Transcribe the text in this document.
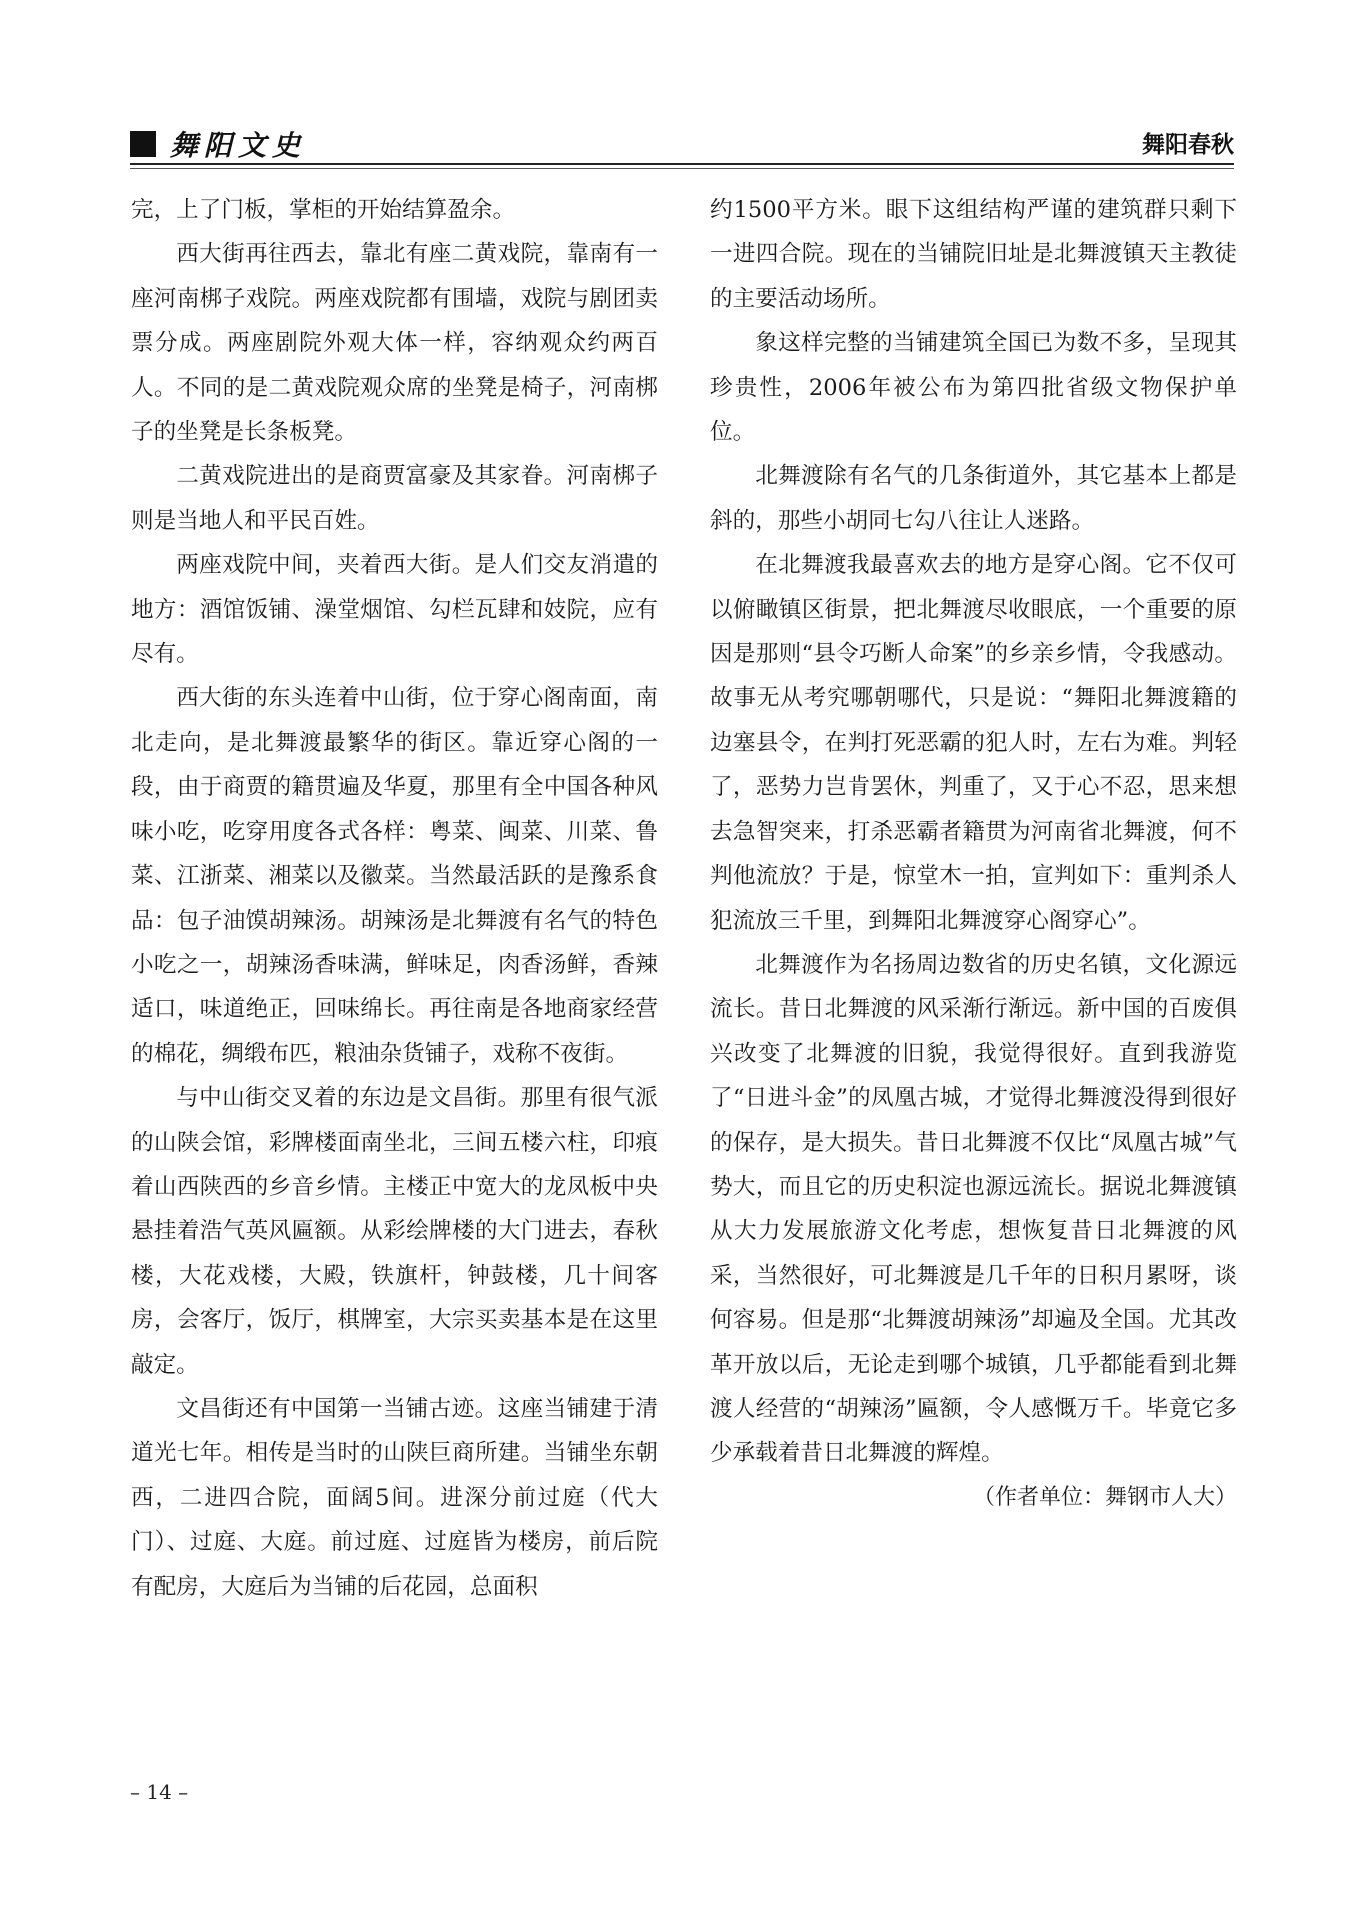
舞阳文史	舞阳春秋

完，上了门板，掌柜的开始结算盈余。

西大街再往西去，靠北有座二黄戏院，靠南有一座河南梆子戏院。两座戏院都有围墙，戏院与剧团卖票分成。两座剧院外观大体一样，容纳观众约两百人。不同的是二黄戏院观众席的坐凳是椅子，河南梆子的坐凳是长条板凳。

二黄戏院进出的是商贾富豪及其家眷。河南梆子则是当地人和平民百姓。

两座戏院中间，夹着西大街。是人们交友消遣的地方：酒馆饭铺、澡堂烟馆、勾栏瓦肆和妓院，应有尽有。

西大街的东头连着中山街，位于穿心阁南面，南北走向，是北舞渡最繁华的街区。靠近穿心阁的一段，由于商贾的籍贯遍及华夏，那里有全中国各种风味小吃，吃穿用度各式各样：粤菜、闽菜、川菜、鲁菜、江浙菜、湘菜以及徽菜。当然最活跃的是豫系食品：包子油馍胡辣汤。胡辣汤是北舞渡有名气的特色小吃之一，胡辣汤香味满，鲜味足，肉香汤鲜，香辣适口，味道绝正，回味绵长。再往南是各地商家经营的棉花，绸缎布匹，粮油杂货铺子，戏称不夜街。

与中山街交叉着的东边是文昌街。那里有很气派的山陕会馆，彩牌楼面南坐北，三间五楼六柱，印痕着山西陕西的乡音乡情。主楼正中宽大的龙凤板中央悬挂着浩气英风匾额。从彩绘牌楼的大门进去，春秋楼，大花戏楼，大殿，铁旗杆，钟鼓楼，几十间客房，会客厅，饭厅，棋牌室，大宗买卖基本是在这里敲定。

文昌街还有中国第一当铺古迹。这座当铺建于清道光七年。相传是当时的山陕巨商所建。当铺坐东朝西，二进四合院，面阔5间。进深分前过庭（代大门）、过庭、大庭。前过庭、过庭皆为楼房，前后院有配房，大庭后为当铺的后花园，总面积

约1500平方米。眼下这组结构严谨的建筑群只剩下一进四合院。现在的当铺院旧址是北舞渡镇天主教徒的主要活动场所。

象这样完整的当铺建筑全国已为数不多，呈现其珍贵性，2006年被公布为第四批省级文物保护单位。

北舞渡除有名气的几条街道外，其它基本上都是斜的，那些小胡同七勾八往让人迷路。

在北舞渡我最喜欢去的地方是穿心阁。它不仅可以俯瞰镇区街景，把北舞渡尽收眼底，一个重要的原因是那则“县令巧断人命案”的乡亲乡情，令我感动。故事无从考究哪朝哪代，只是说：“舞阳北舞渡籍的边塞县令，在判打死恶霸的犯人时，左右为难。判轻了，恶势力岂肯罢休，判重了，又于心不忍，思来想去急智突来，打杀恶霸者籍贯为河南省北舞渡，何不判他流放？于是，惊堂木一拍，宣判如下：重判杀人犯流放三千里，到舞阳北舞渡穿心阁穿心”。

北舞渡作为名扬周边数省的历史名镇，文化源远流长。昔日北舞渡的风采渐行渐远。新中国的百废俱兴改变了北舞渡的旧貌，我觉得很好。直到我游览了“日进斗金”的凤凰古城，才觉得北舞渡没得到很好的保存，是大损失。昔日北舞渡不仅比“凤凰古城”气势大，而且它的历史积淀也源远流长。据说北舞渡镇从大力发展旅游文化考虑，想恢复昔日北舞渡的风采，当然很好，可北舞渡是几千年的日积月累呀，谈何容易。但是那“北舞渡胡辣汤”却遍及全国。尤其改革开放以后，无论走到哪个城镇，几乎都能看到北舞渡人经营的“胡辣汤”匾额，令人感慨万千。毕竟它多少承载着昔日北舞渡的辉煌。

（作者单位：舞钢市人大）

– 14 –
